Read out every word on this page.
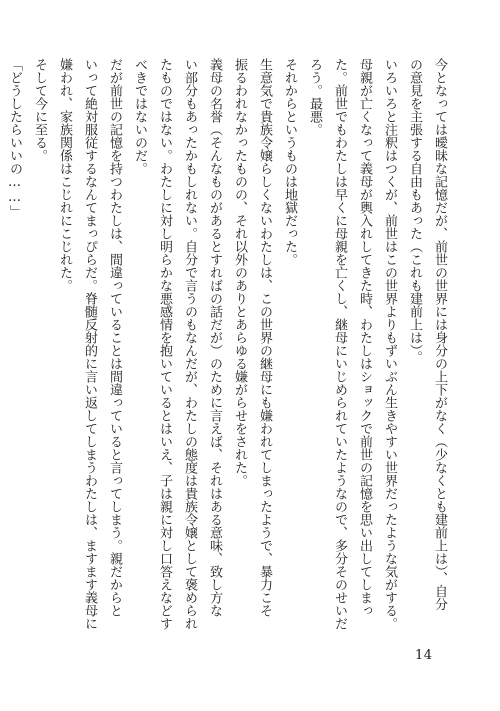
今となっては曖昧な記憶だが、前世の世界には身分の上下がなく（少なくとも建前上は）、自分
の意見を主張する自由もあった（これも建前上は）。
いろいろと注釈はつくが、前世はこの世界よりもずいぶん生きやすい世界だったような気がする。
母親が亡くなって義母が輿入れしてきた時、わたしはショックで前世の記憶を思い出してしまっ
た。前世でもわたしは早くに母親を亡くし、継母にいじめられていたようなので、多分そのせいだ
ろう。最悪。
それからというものは地獄だった。
生意気で貴族令嬢らしくないわたしは、この世界の継母にも嫌われてしまったようで、暴力こそ
振るわれなかったものの、それ以外のありとあらゆる嫌がらせをされた。
義母の名誉（そんなものがあるとすればの話だが）のために言えば、それはある意味、致し方な
い部分もあったかもしれない。自分で言うのもなんだが、わたしの態度は貴族令嬢として褒められ
たものではない。わたしに対し明らかな悪感情を抱いているとはいえ、子は親に対し口答えなどす
べきではないのだ。
だが前世の記憶を持つわたしは、間違っていることは間違っていると言ってしまう。親だからと
いって絶対服従するなんてまっぴらだ。脊髄反射的に言い返してしまうわたしは、ますます義母に
嫌われ、家族関係はこじれにこじれた。
そして今に至る。
「どうしたらいいの……」
14
